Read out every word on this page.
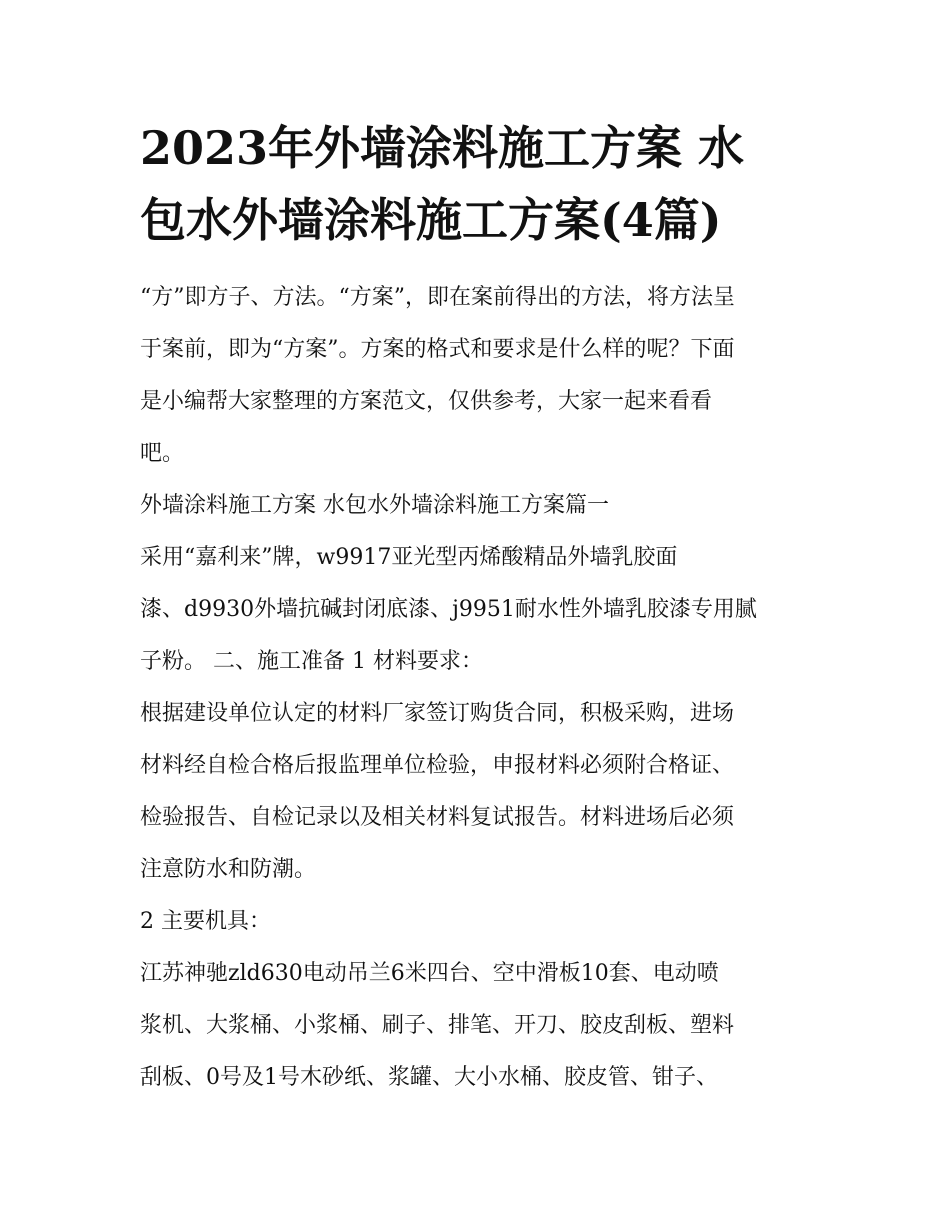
2023年外墙涂料施工方案 水
包水外墙涂料施工方案(4篇)

“方”即方子、方法。“方案”，即在案前得出的方法，将方法呈
于案前，即为“方案”。方案的格式和要求是什么样的呢？下面
是小编帮大家整理的方案范文，仅供参考，大家一起来看看
吧。

外墙涂料施工方案 水包水外墙涂料施工方案篇一

采用“嘉利来”牌，w9917亚光型丙烯酸精品外墙乳胶面
漆、d9930外墙抗碱封闭底漆、j9951耐水性外墙乳胶漆专用腻
子粉。 二、施工准备 1 材料要求：

根据建设单位认定的材料厂家签订购货合同，积极采购，进场
材料经自检合格后报监理单位检验，申报材料必须附合格证、
检验报告、自检记录以及相关材料复试报告。材料进场后必须
注意防水和防潮。

2 主要机具：

江苏神驰zld630电动吊兰6米四台、空中滑板10套、电动喷
浆机、大浆桶、小浆桶、刷子、排笔、开刀、胶皮刮板、塑料
刮板、0号及1号木砂纸、浆罐、大小水桶、胶皮管、钳子、
